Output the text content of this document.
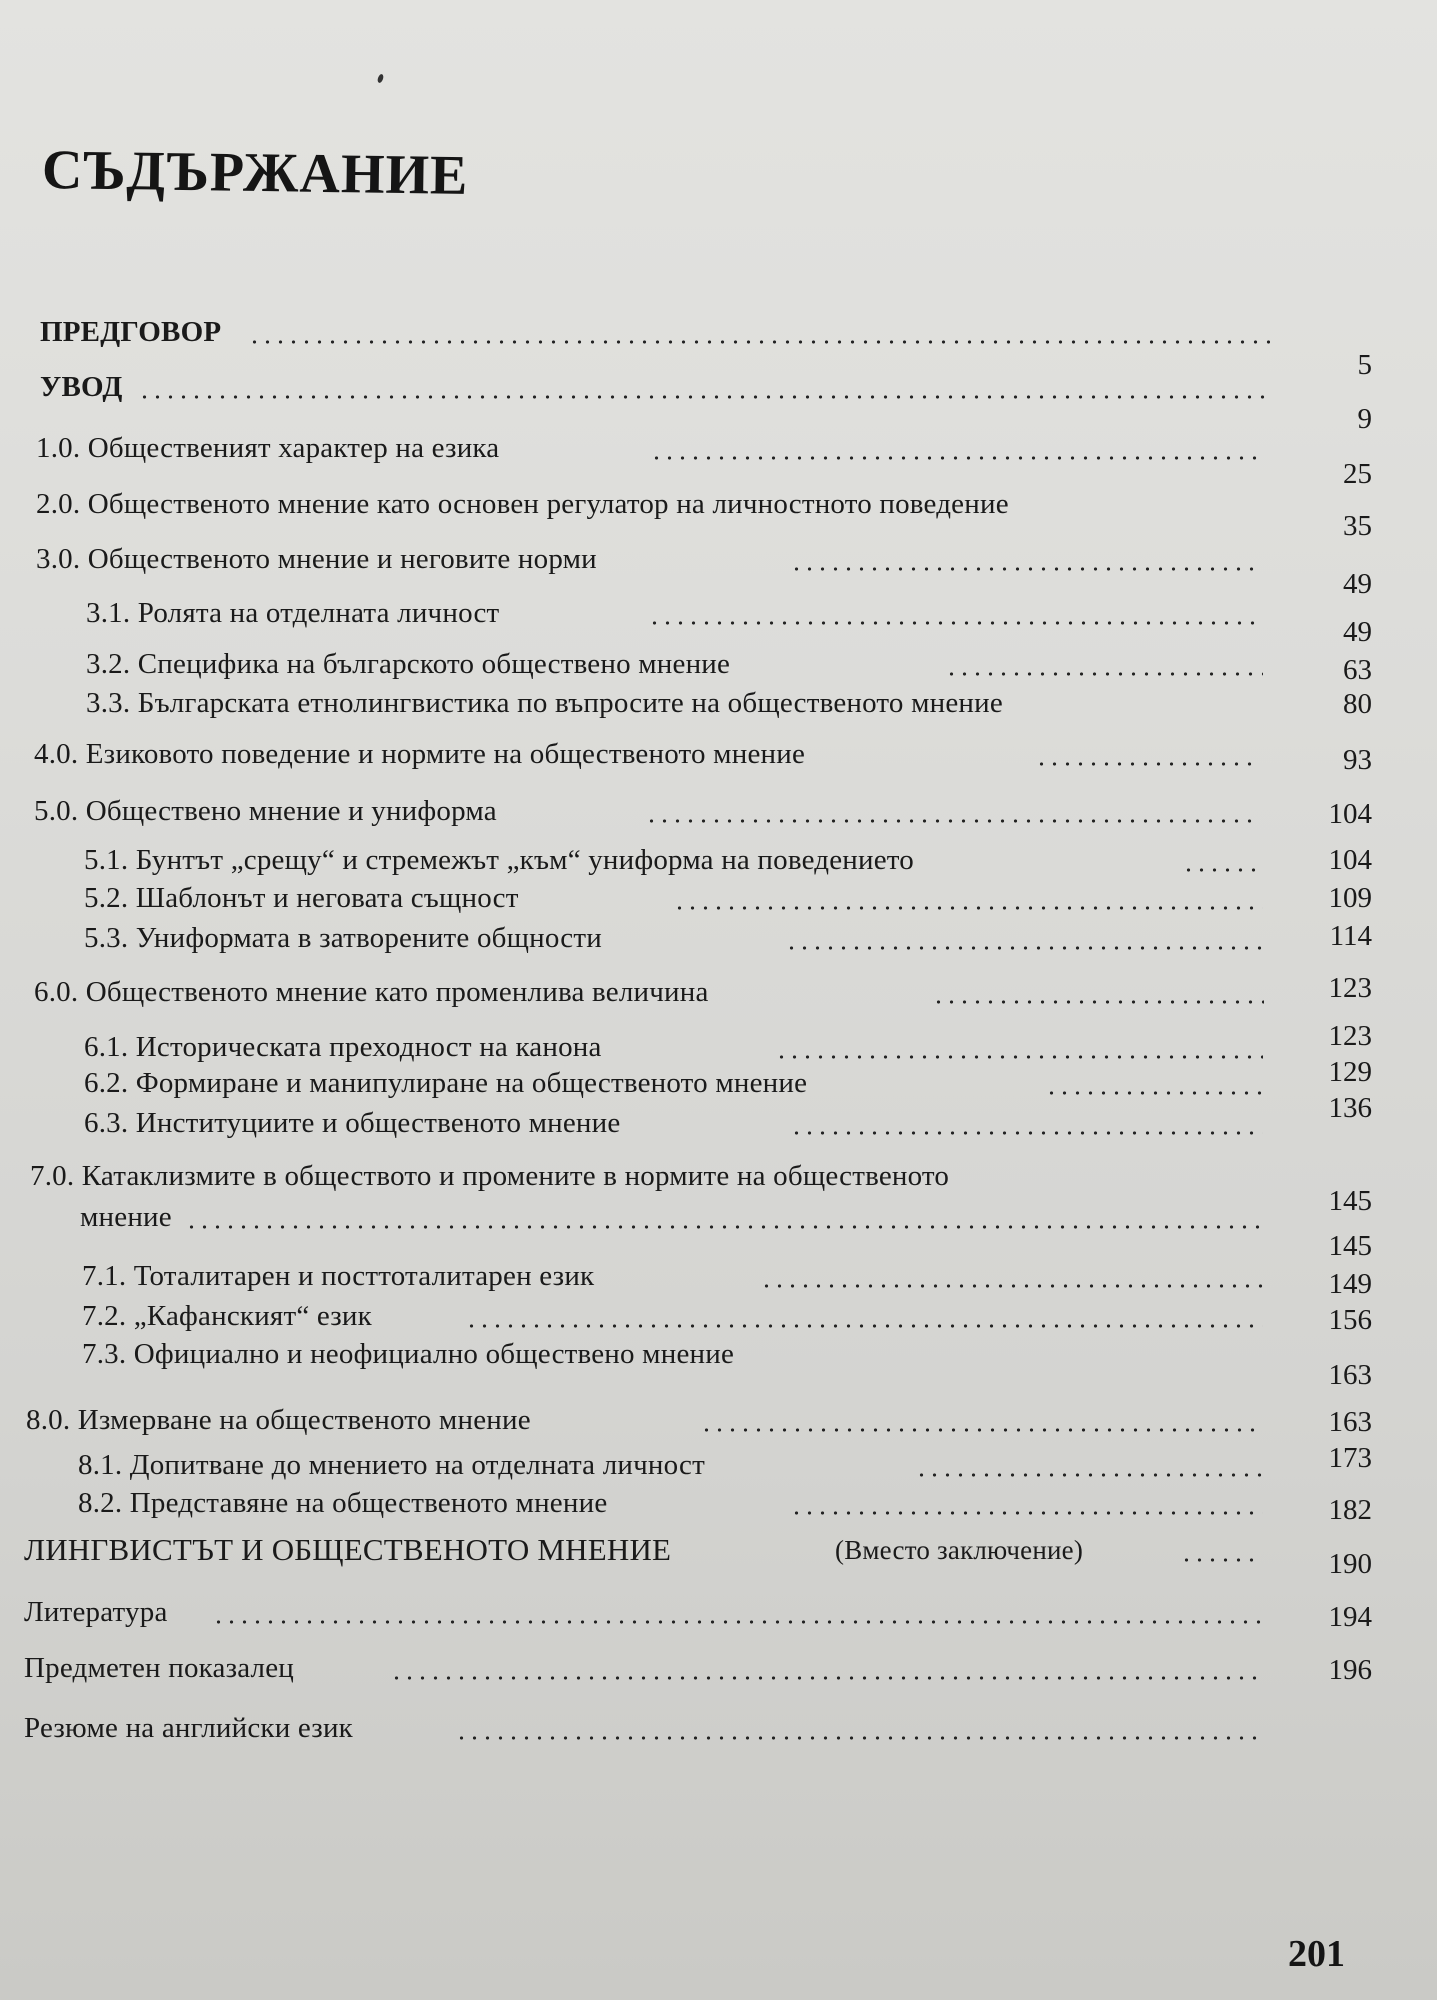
СЪДЪРЖАНИЕ
ПРЕДГОВОР
5
УВОД
9
1.0. Общественият характер на езика
25
2.0. Общественото мнение като основен регулатор на личностното поведение
35
3.0. Общественото мнение и неговите норми
49
3.1. Ролята на отделната личност
49
3.2. Специфика на българското обществено мнение	63
3.3. Българската етнолингвистика по въпросите на общественото мнение	80
4.0. Езиковото поведение и нормите на общественото мнение	93
5.0. Обществено мнение и униформа	104
5.1. Бунтът „срещу“ и стремежът „към“ униформа на поведението	104
5.2. Шаблонът и неговата същност	109
5.3. Униформата в затворените общности	114
6.0. Общественото мнение като променлива величина	123
6.1. Историческата преходност на канона	123
6.2. Формиране и манипулиране на общественото мнение	129
6.3. Институциите и общественото мнение	136
7.0. Катаклизмите в обществото и промените в нормите на общественото
мнение	145
7.1. Тоталитарен и посттоталитарен език
145
7.2. „Кафанският“ език
149
7.3. Официално и неофициално обществено мнение
156
8.0. Измерване на общественото мнение
163
8.1. Допитване до мнението на отделната личност
163
8.2. Представяне на общественото мнение
173
ЛИНГВИСТЪТ И ОБЩЕСТВЕНОТО МНЕНИЕ	(Вместо заключение)
182
Литература
190
Предметен показалец
194
Резюме на английски език
196
201
